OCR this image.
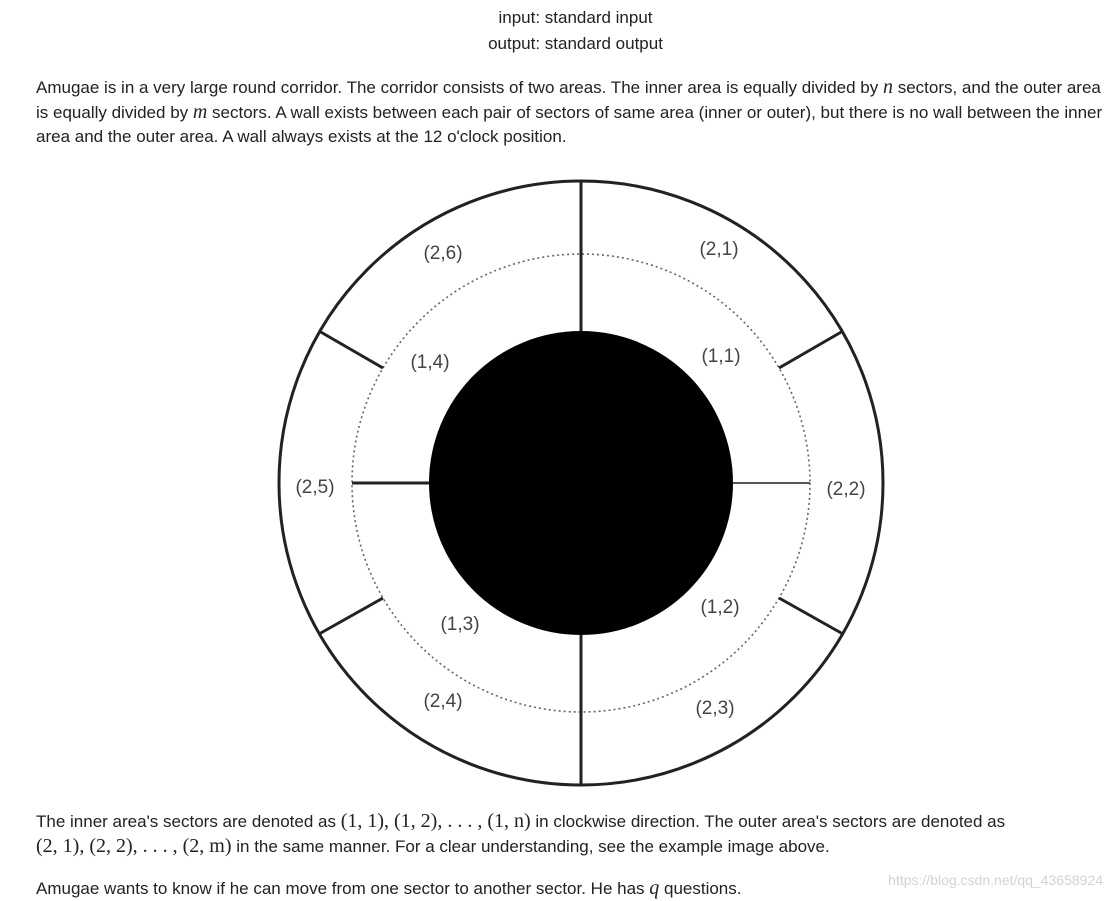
input: standard input
output: standard output
Amugae is in a very large round corridor. The corridor consists of two areas. The inner area is equally divided by n sectors, and the outer area is equally divided by m sectors. A wall exists between each pair of sectors of same area (inner or outer), but there is no wall between the inner area and the outer area. A wall always exists at the 12 o'clock position.
(2,1)
(2,2)
(2,3)
(2,4)
(2,5)
(2,6)
(1,1)
(1,2)
(1,3)
(1,4)
The inner area's sectors are denoted as (1, 1), (1, 2), . . . , (1, n) in clockwise direction. The outer area's sectors are denoted as
(2, 1), (2, 2), . . . , (2, m) in the same manner. For a clear understanding, see the example image above.
Amugae wants to know if he can move from one sector to another sector. He has q questions.	https://blog.csdn.net/qq_43658924
